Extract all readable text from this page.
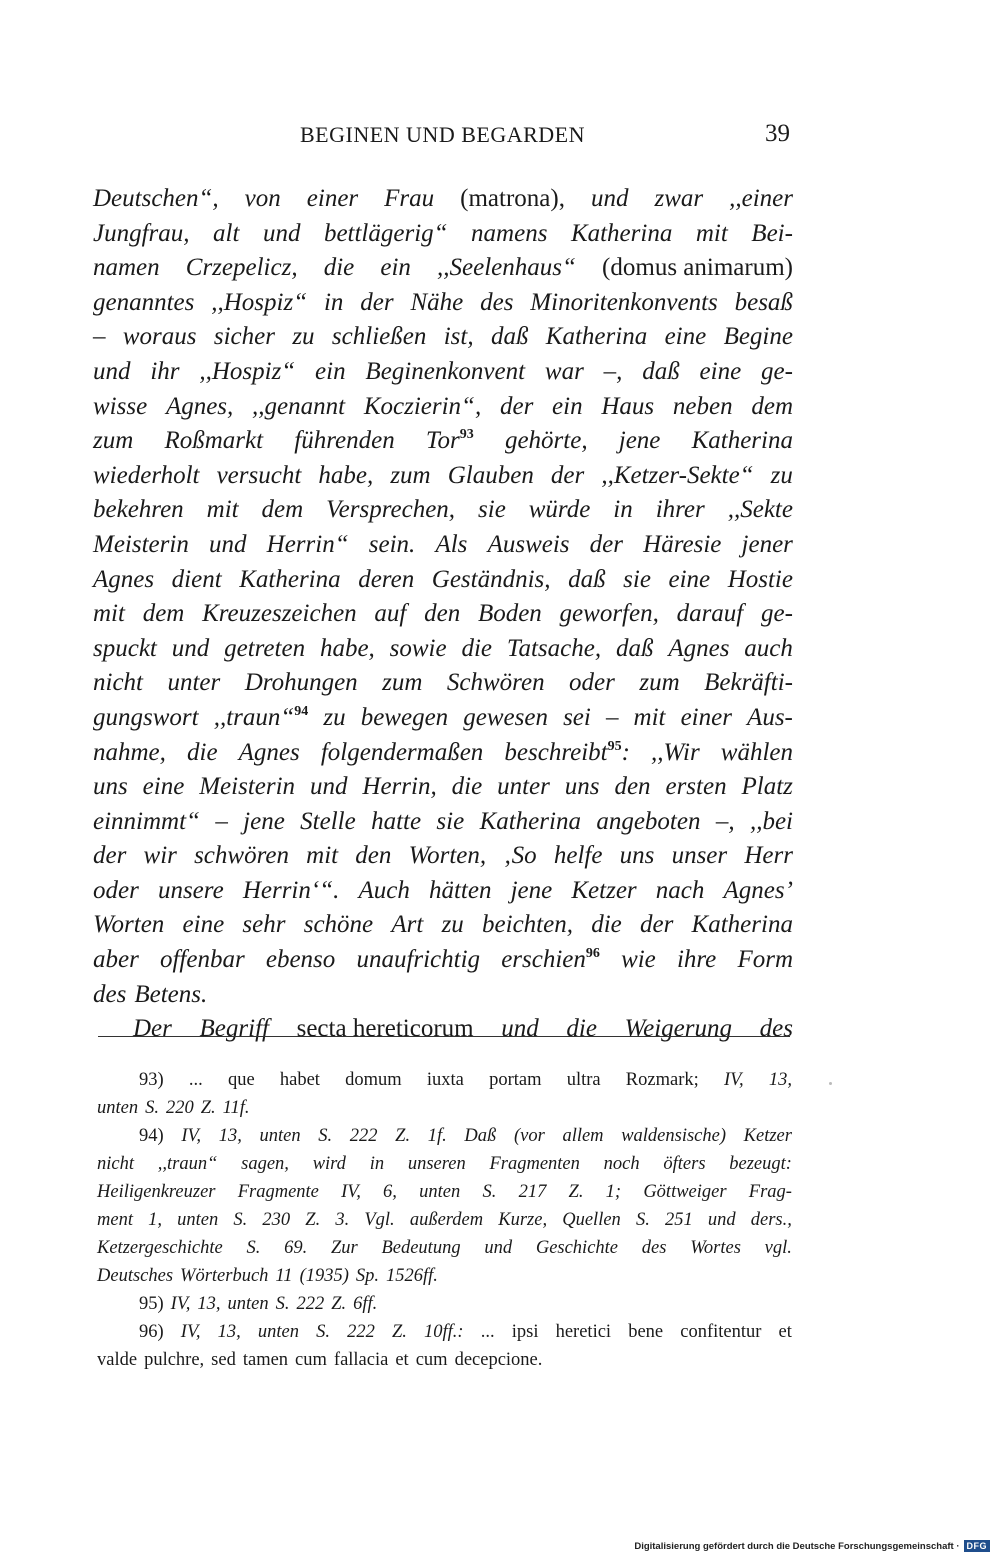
BEGINEN UND BEGARDEN	39
Deutschen“, von einer Frau (matrona), und zwar ,,einer
Jungfrau, alt und bettlägerig“ namens Katherina mit Bei-
namen Crzepelicz, die ein ,,Seelenhaus“ (domus animarum)
genanntes ,,Hospiz“ in der Nähe des Minoritenkonvents besaß
– woraus sicher zu schließen ist, daß Katherina eine Begine
und ihr ,,Hospiz“ ein Beginenkonvent war –, daß eine ge-
wisse Agnes, ,,genannt Koczierin“, der ein Haus neben dem
zum Roßmarkt führenden Tor$^{93}$ gehörte, jene Katherina
wiederholt versucht habe, zum Glauben der ,,Ketzer-Sekte“ zu
bekehren mit dem Versprechen, sie würde in ihrer ,,Sekte
Meisterin und Herrin“ sein. Als Ausweis der Häresie jener
Agnes dient Katherina deren Geständnis, daß sie eine Hostie
mit dem Kreuzeszeichen auf den Boden geworfen, darauf ge-
spuckt und getreten habe, sowie die Tatsache, daß Agnes auch
nicht unter Drohungen zum Schwören oder zum Bekräfti-
gungswort ,,traun“$^{94}$ zu bewegen gewesen sei – mit einer Aus-
nahme, die Agnes folgendermaßen beschreibt$^{95}$: ,,Wir wählen
uns eine Meisterin und Herrin, die unter uns den ersten Platz
einnimmt“ – jene Stelle hatte sie Katherina angeboten –, ,,bei
der wir schwören mit den Worten, ‚So helfe uns unser Herr
oder unsere Herrin‘“. Auch hätten jene Ketzer nach Agnes’
Worten eine sehr schöne Art zu beichten, die der Katherina
aber offenbar ebenso unaufrichtig erschien$^{96}$ wie ihre Form
des Betens.
Der Begriff secta hereticorum und die Weigerung des
93) ... que habet domum iuxta portam ultra Rozmark; IV, 13,
unten S. 220 Z. 11f.
94) IV, 13, unten S. 222 Z. 1f. Daß (vor allem waldensische) Ketzer
nicht ,,traun“ sagen, wird in unseren Fragmenten noch öfters bezeugt:
Heiligenkreuzer Fragmente IV, 6, unten S. 217 Z. 1; Göttweiger Frag-
ment 1, unten S. 230 Z. 3. Vgl. außerdem Kurze, Quellen S. 251 und ders.,
Ketzergeschichte S. 69. Zur Bedeutung und Geschichte des Wortes vgl.
Deutsches Wörterbuch 11 (1935) Sp. 1526ff.
95) IV, 13, unten S. 222 Z. 6ff.
96) IV, 13, unten S. 222 Z. 10ff.: ... ipsi heretici bene confitentur et
valde pulchre, sed tamen cum fallacia et cum decepcione.
Digitalisierung gefördert durch die Deutsche Forschungsgemeinschaft · DFG
